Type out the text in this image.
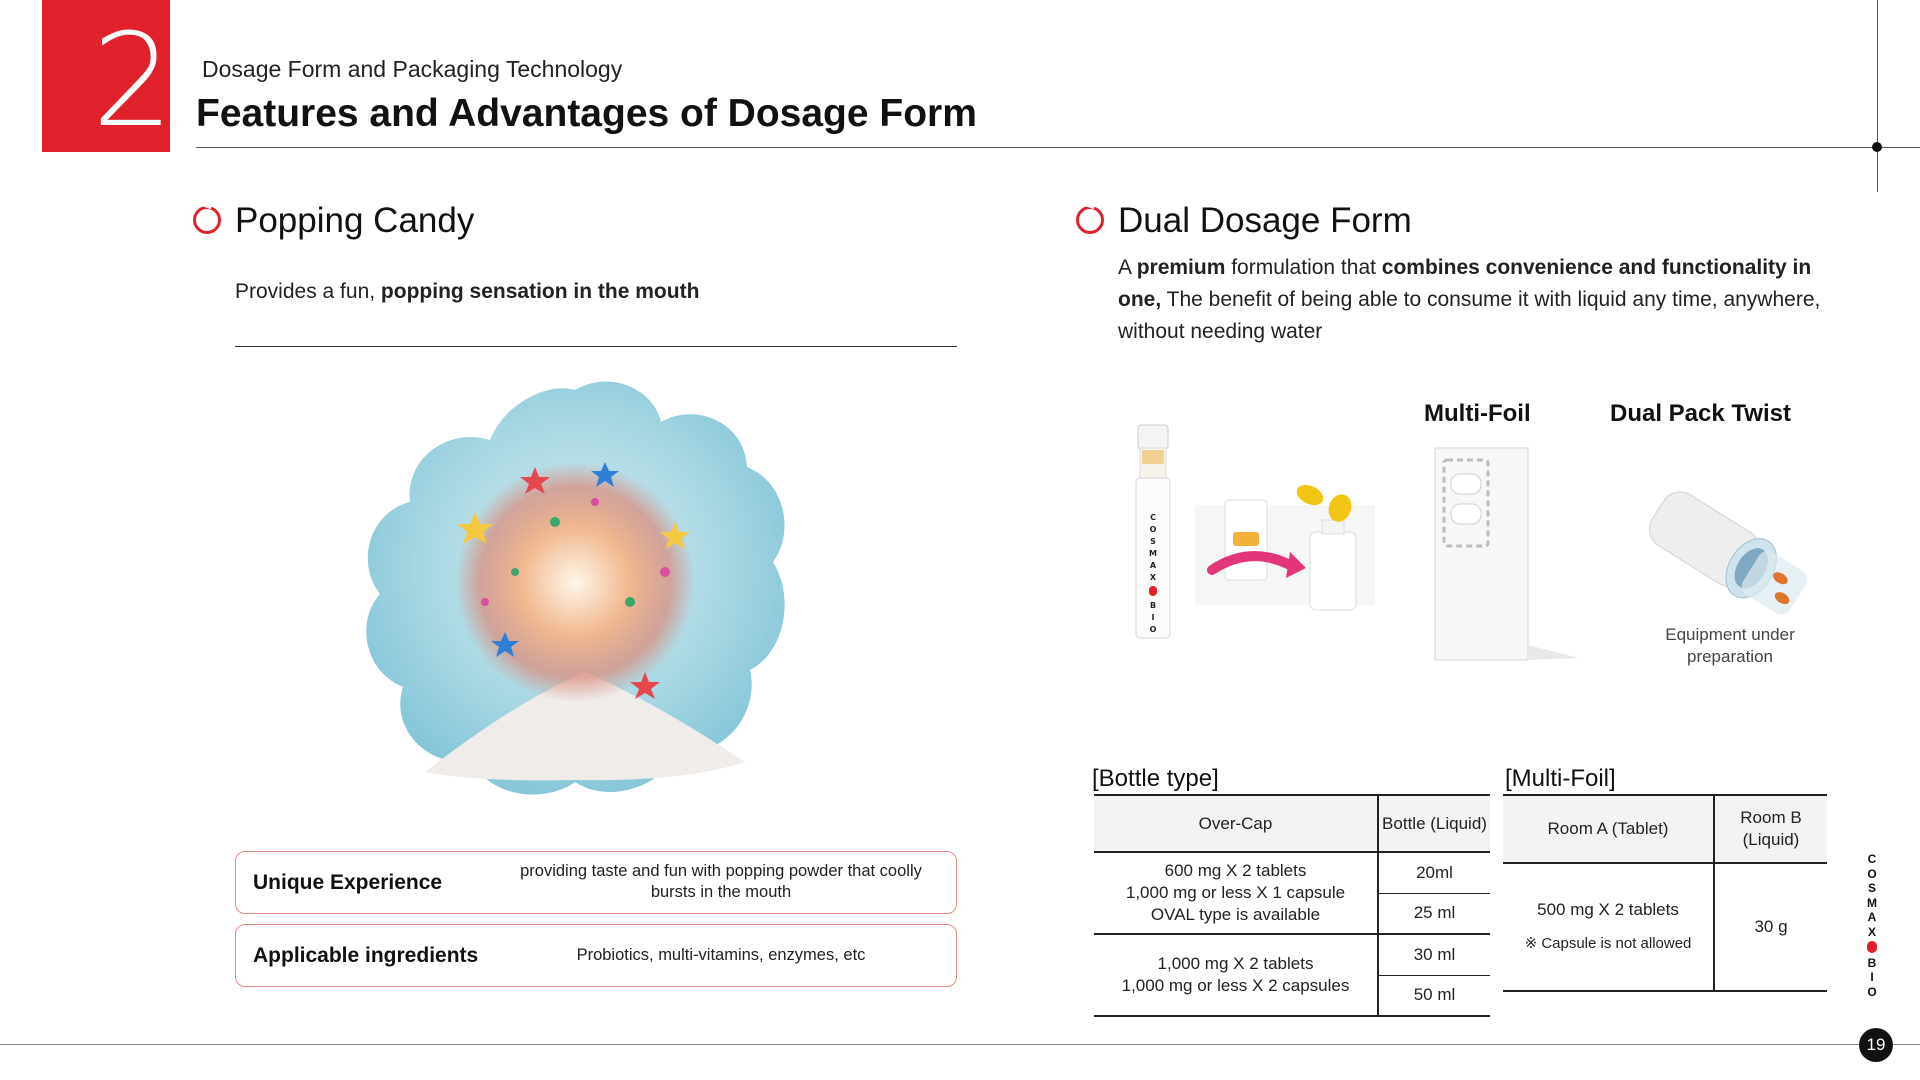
2 Dosage Form and Packaging Technology
Features and Advantages of Dosage Form
Popping Candy
Provides a fun, popping sensation in the mouth
Unique Experience	providing taste and fun with popping powder that coolly bursts in the mouth
Applicable ingredients	Probiotics, multi-vitamins, enzymes, etc
Dual Dosage Form
A premium formulation that combines convenience and functionality in one, The benefit of being able to consume it with liquid any time, anywhere, without needing water
C
O
S
M
A
X
B
I
O
Multi-Foil	Dual Pack Twist
Equipment under preparation
[Bottle type]
Over-Cap	Bottle (Liquid)
600 mg X 2 tablets
1,000 mg or less X 1 capsule
OVAL type is available	20ml
	25 ml
1,000 mg X 2 tablets
1,000 mg or less X 2 capsules	30 ml
	50 ml
[Multi-Foil]
Room A (Tablet)	Room B (Liquid)

500 mg X 2 tablets
※ Capsule is not allowed	30 g
C
O
S
M
A
X
B
I
O
19
